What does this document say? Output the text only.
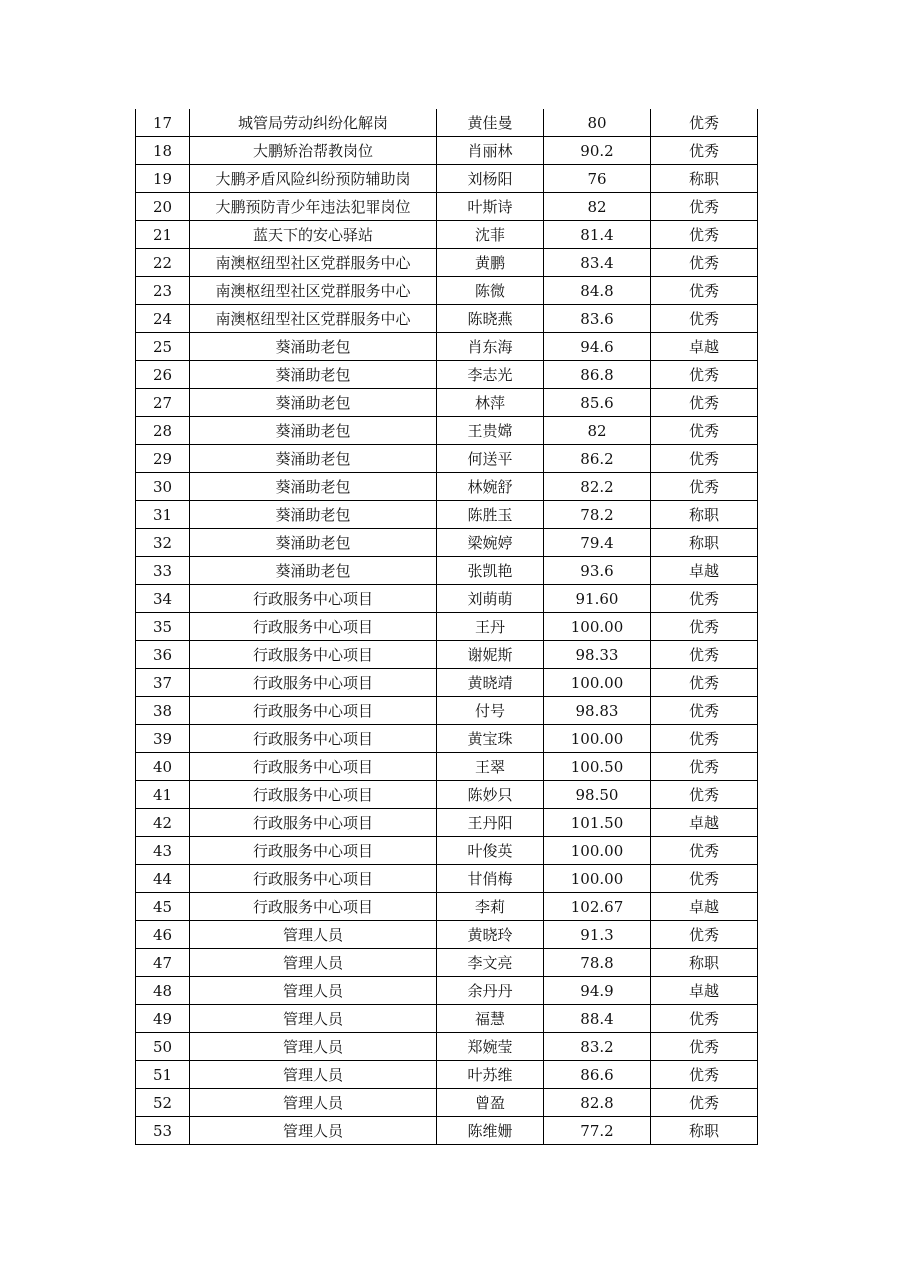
17	城管局劳动纠纷化解岗	黄佳曼	80	优秀
18	大鹏矫治帮教岗位	肖丽林	90.2	优秀
19	大鹏矛盾风险纠纷预防辅助岗	刘杨阳	76	称职
20	大鹏预防青少年违法犯罪岗位	叶斯诗	82	优秀
21	蓝天下的安心驿站	沈菲	81.4	优秀
22	南澳枢纽型社区党群服务中心	黄鹏	83.4	优秀
23	南澳枢纽型社区党群服务中心	陈微	84.8	优秀
24	南澳枢纽型社区党群服务中心	陈晓燕	83.6	优秀
25	葵涌助老包	肖东海	94.6	卓越
26	葵涌助老包	李志光	86.8	优秀
27	葵涌助老包	林萍	85.6	优秀
28	葵涌助老包	王贵嫦	82	优秀
29	葵涌助老包	何送平	86.2	优秀
30	葵涌助老包	林婉舒	82.2	优秀
31	葵涌助老包	陈胜玉	78.2	称职
32	葵涌助老包	梁婉婷	79.4	称职
33	葵涌助老包	张凯艳	93.6	卓越
34	行政服务中心项目	刘萌萌	91.60	优秀
35	行政服务中心项目	王丹	100.00	优秀
36	行政服务中心项目	谢妮斯	98.33	优秀
37	行政服务中心项目	黄晓靖	100.00	优秀
38	行政服务中心项目	付号	98.83	优秀
39	行政服务中心项目	黄宝珠	100.00	优秀
40	行政服务中心项目	王翠	100.50	优秀
41	行政服务中心项目	陈妙只	98.50	优秀
42	行政服务中心项目	王丹阳	101.50	卓越
43	行政服务中心项目	叶俊英	100.00	优秀
44	行政服务中心项目	甘俏梅	100.00	优秀
45	行政服务中心项目	李莉	102.67	卓越
46	管理人员	黄晓玲	91.3	优秀
47	管理人员	李文亮	78.8	称职
48	管理人员	余丹丹	94.9	卓越
49	管理人员	福慧	88.4	优秀
50	管理人员	郑婉莹	83.2	优秀
51	管理人员	叶苏维	86.6	优秀
52	管理人员	曾盈	82.8	优秀
53	管理人员	陈维姗	77.2	称职
